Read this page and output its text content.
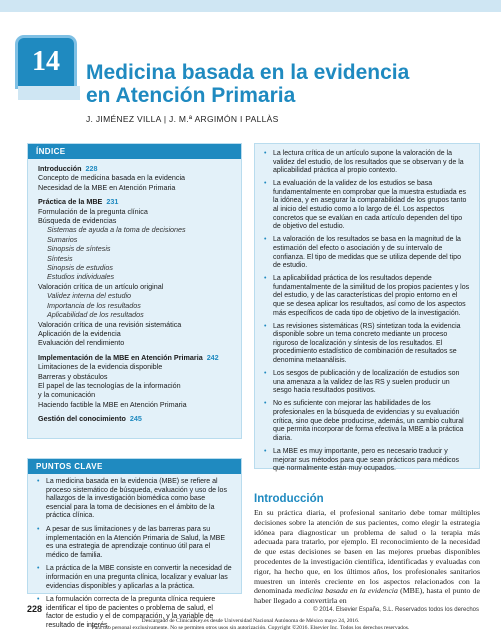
14	Medicina basada en la evidencia
en Atención Primaria
J. JIMÉNEZ VILLA | J. M.ª ARGIMÓN I PALLÀS
ÍNDICE
Introducción 228
Concepto de medicina basada en la evidencia
Necesidad de la MBE en Atención Primaria
Práctica de la MBE 231
Formulación de la pregunta clínica
Búsqueda de evidencias
Sistemas de ayuda a la toma de decisiones
Sumarios
Sinopsis de síntesis
Síntesis
Sinopsis de estudios
Estudios individuales
Valoración crítica de un artículo original
Validez interna del estudio
Importancia de los resultados
Aplicabilidad de los resultados
Valoración crítica de una revisión sistemática
Aplicación de la evidencia
Evaluación del rendimiento
Implementación de la MBE en Atención Primaria 242
Limitaciones de la evidencia disponible
Barreras y obstáculos
El papel de las tecnologías de la información
y la comunicación
Haciendo factible la MBE en Atención Primaria
Gestión del conocimiento 245
PUNTOS CLAVE
• La medicina basada en la evidencia (MBE) se refiere al proceso sistemático de búsqueda, evaluación y uso de los hallazgos de la investigación biomédica como base esencial para la toma de decisiones en el ámbito de la práctica clínica.
• A pesar de sus limitaciones y de las barreras para su implementación en la Atención Primaria de Salud, la MBE es una estrategia de aprendizaje continuo útil para el médico de familia.
• La práctica de la MBE consiste en convertir la necesidad de información en una pregunta clínica, localizar y evaluar las evidencias disponibles y aplicarlas a la práctica.
• La formulación correcta de la pregunta clínica requiere identificar el tipo de pacientes o problema de salud, el factor de estudio y el de comparación, y la variable de resultado de interés.
• La lectura crítica de un artículo supone la valoración de la validez del estudio, de los resultados que se observan y de la aplicabilidad práctica al propio contexto.
• La evaluación de la validez de los estudios se basa fundamentalmente en comprobar que la muestra estudiada es la idónea, y en asegurar la comparabilidad de los grupos tanto al inicio del estudio como a lo largo de él. Los aspectos concretos que se evalúan en cada artículo dependen del tipo de objetivo del estudio.
• La valoración de los resultados se basa en la magnitud de la estimación del efecto o asociación y de su intervalo de confianza. El tipo de medidas que se utiliza depende del tipo de estudio.
• La aplicabilidad práctica de los resultados depende fundamentalmente de la similitud de los propios pacientes y los del estudio, y de las características del propio entorno en el que se desea aplicar los resultados, así como de los aspectos más específicos de cada tipo de objetivo de la investigación.
• Las revisiones sistemáticas (RS) sintetizan toda la evidencia disponible sobre un tema concreto mediante un proceso riguroso de localización y síntesis de los resultados. El procedimiento estadístico de combinación de resultados se denomina metaanálisis.
• Los sesgos de publicación y de localización de estudios son una amenaza a la validez de las RS y suelen producir un sesgo hacia resultados positivos.
• No es suficiente con mejorar las habilidades de los profesionales en la búsqueda de evidencias y su evaluación crítica, sino que debe producirse, además, un cambio cultural que permita incorporar de forma efectiva la MBE a la práctica diaria.
• La MBE es muy importante, pero es necesario traducir y mejorar sus métodos para que sean prácticos para médicos que normalmente están muy ocupados.
Introducción

En su práctica diaria, el profesional sanitario debe tomar múltiples decisiones sobre la atención de sus pacientes, como elegir la estrategia idónea para diagnosticar un problema de salud o la terapia más adecuada para tratarlo, por ejemplo. El reconocimiento de la necesidad de que estas decisiones se basen en las mejores pruebas disponibles procedentes de la investigación científica, identificadas y evaluadas con rigor, ha hecho que, en los últimos años, los profesionales sanitarios muestren un interés creciente en los aspectos relacionados con la denominada medicina basada en la evidencia (MBE), hasta el punto de haber llegado a convertirla en

228	© 2014. Elsevier España, S.L. Reservados todos los derechos
Descargado de ClinicalKey.es desde Universidad Nacional Autónoma de México mayo 24, 2016.
Para uso personal exclusivamente. No se permiten otros usos sin autorización. Copyright ©2016. Elsevier Inc. Todos los derechos reservados.
